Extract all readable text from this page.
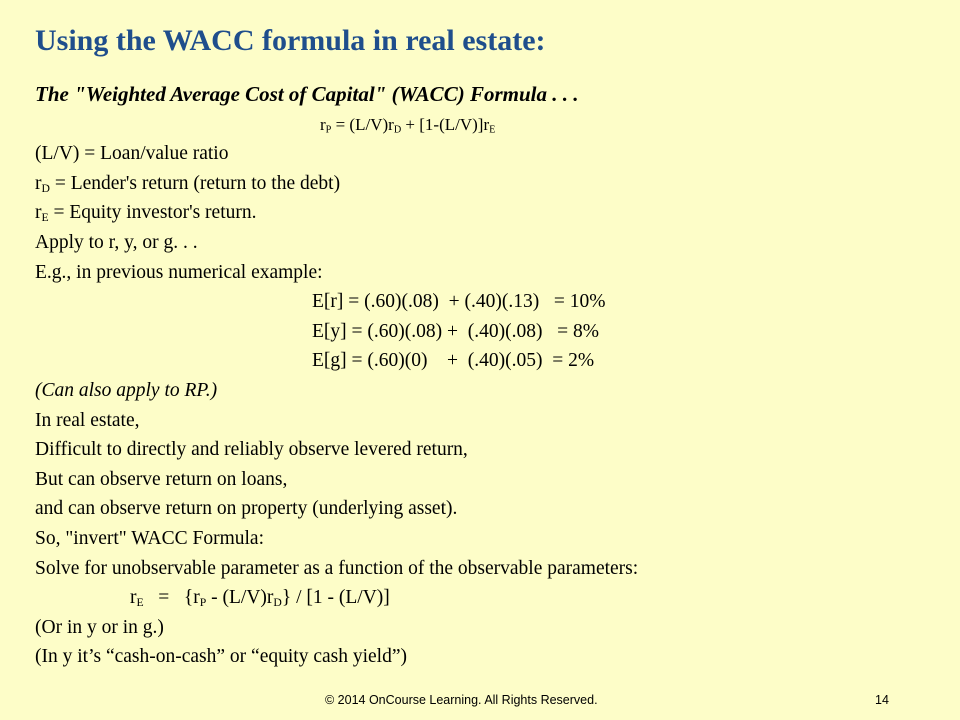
Using the WACC formula in real estate:
The "Weighted Average Cost of Capital" (WACC) Formula . . .
$r_P = (L/V)r_D + [1-(L/V)]r_E$
(L/V) = Loan/value ratio
$r_D$ = Lender's return (return to the debt)
$r_E$ = Equity investor's return.
Apply to r, y, or g. . .
E.g., in previous numerical example:
E[r] = (.60)(.08)  + (.40)(.13)   = 10%
E[y] = (.60)(.08) +  (.40)(.08)   = 8%
E[g] = (.60)(0)    +  (.40)(.05)  = 2%
(Can also apply to RP.)
In real estate,
Difficult to directly and reliably observe levered return,
But can observe return on loans,
and can observe return on property (underlying asset).
So, "invert" WACC Formula:
Solve for unobservable parameter as a function of the observable parameters:
$r_E = \{r_P - (L/V)r_D\} / [1 - (L/V)]$
(Or in y or in g.)
(In y it’s “cash-on-cash” or “equity cash yield”)
© 2014 OnCourse Learning. All Rights Reserved.	14
